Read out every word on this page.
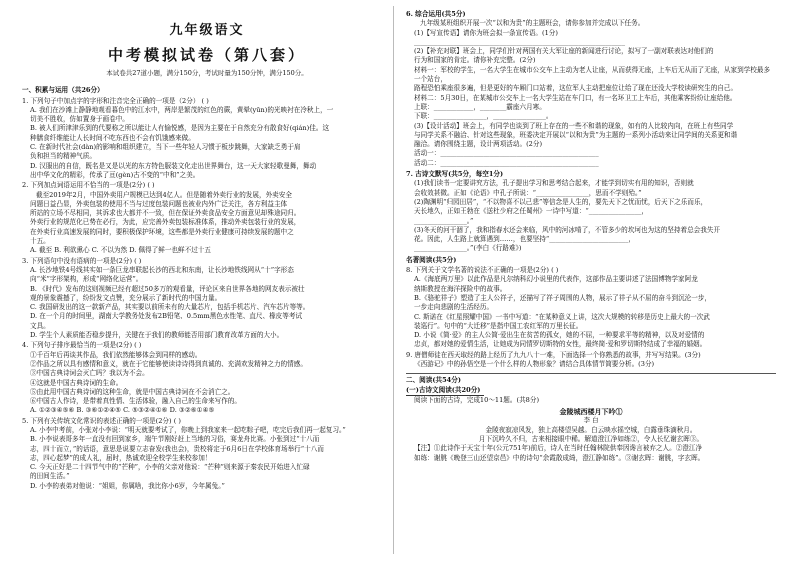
九年级语文
中考模拟试卷（第八套）
本试卷共27道小题，满分150分，考试时量为150分钟，满分150分。
一、积累与运用（共26分）
1. 下列句子中加点字的字形和注音完全正确的一项是（2分） ( )
A. 我们在沙滩上静静地观看暮色中的江水中，两岸是繁茂的红色的蕨，黄晕(yūn)的光映衬在冷秋上，一
切美不胜收，仿如置身于画卷中。
B. 被人们所津津乐到的代要称之所以能让人有愉悦感，是因为主要在于自然充分有散食好(qián)佳。这
种膳食纤维能让人长时间不吃东西也不会有饥饿感来做。
C. 在新时代社会(dàn)的影响和组织建立，当下一些年轻人习惯于板步跳舞，大家缺乏勇于肩
负和担当的精神气质。
D. 汉服出的自信，既名是又是以光的东方特色服装文化走出世界舞台，这一天大家轻歌曼舞，舞动
出中华文化的精彩，传承了亘(gèn)古不变的“中和”之美。
2. 下列加点词语运用不恰当的一项是(2分) ( )
截至2019年2月，中国外卖用户规模已达到4亿人。但是随着外卖行业的发展，外卖安全
问题日益凸显，外卖包装的使用不当与过度包装问题也被业内外广泛关注，各方利益主体
所站的立场不尽相同，其诉求也大都并不一致，但在保证外卖食品安全方面意见却殊途同归。
外卖行业的规范化已势在必行，为此，应完善外卖包装标准体系，推动外卖包装行业的发展，
在外卖行业高速发展的同时，要积极保护环境，这些都是外卖行业健康可持续发展的题中之
十五。
A. 截至 B. 利欲熏心 C. 不以为然 D. 佩得了鲜一也鲜不过十五
3. 下列语句中没有语病的一项是(2分) ( )
A. 长沙地铁4号线其实如一条巨龙串联起长沙的西北和东南，让长沙地铁线网从“十”字形态
向“米”字形架构，形成“网络化运营”。
B. 《时代》发布的这则视频已经有超过50多万的观看量，评论区来自世界各地的网友表示被壮
观的景象震撼了，纷纷发文点赞，充分展示了新时代的中国力量。
C. 我国研发出的这一款新产品，其实要以前所未有的大量芯片，包括手机芯片、汽车芯片等等。
D. 在一个月的时间里，湖南大学教务处发布2B铅笔、0.5mm黑色水性笔、直尺、橡皮等考试
文具。
D. 学生个人素质能否稳步提升，关键在于我们的教师能否用部门教育改革方面的大小。
4. 下列句子排序最恰当的一项是(2分) ( )
①千百年后再谈其作品，我们依然能够体会到同样的感动。
②作品之所以具有感情和意义，就在于它能够使读诗诗得到真诚的、充满欢发精神之力的情感。
③中国古典诗词会灭亡吗？我以为不会。
④这就是中国古典诗词的生命。
⑤由此用中国古典诗词的这种生命，就是中国古典诗词在不会消亡之。
⑥中国古人作诗，是带着真性情、生活体验，融入自己的生命来写作的。
A. ①②③④⑤⑥ B. ③⑥①②④⑤ C. ⑤③②④①⑥ D. ③②⑥①④⑤
5. 下列有关传统文化常识的表述正确的一项是(2分) ( )
A. 小李中考前，小张对小李说：“明天就要考试了，你晚上到我家来一起吃粽子吧，吃完后我们再一起复习。”
B. 小李说表哥多年一直没有回到家乡，端午节刚好赶上当地的习俗，赛龙舟比赛。小张到过“十八而
志，四十而立，”的话语，意思是说要立志奋发(我也会)，贵校将定于6月6日在学校体育场举行“十八而
志，四心起梦”的成人礼，届时，热诚欢迎全校学生来校参加！
C. 今天正好是二十四节气中的“芒种”，小李的父亲对他说：“芒种”则来源于秦农民开始进入忙碌
的田间生活。”
D. 小李的表弟对他说：“姐姐，你属啥，我比你小6岁，今年属兔。”
6. 综合运用(共5分)
九年级某班组织开展一次“以和为贵”的主题班会，请你参加并完成以下任务。
(1)【写宣传语】请你为班会拟一条宣传语。(1分)
________________________________________________________________
(2)【补充对联】班会上，同学们针对两国有关大军让座的新闻进行讨论，拟写了一副对联表达对他们的
行为和国家的肯定。请你补充完整。(2分)
材料一：军校的学生，一名大学生在城市公交车上主动为老人让座，从而获得无座，上车后无从而了无座，从家到学校最多一个站台，
路程恐怕乘座很多遍，但是更好的车厢门口站着，这位军人主动把座位让给了现在还没大学校读研究生的自己。
材料二：5月30日，在某城市公交车上一名大学生站在车门口，有一名环卫工上车后，其他乘客纷纷让座给他。
上联：____________，________霸座六月寒。
下联：________________，________________。
(3)【设计活动】班会上，有同学也谈到了班上存在的一些不和谐的现象，如有的人比较内向，在班上有些同学
与同学关系不融洽、针对这些现象，班委决定开展以“以和为贵”为主题的一系列小活动来让同学间的关系更和谐
融洽。请你围绕主题，设计两项活动。(2分)
活动一：________________________________________________
活动二：________________________________________________
7. 古诗文默写(共5分，每空1分)
(1)我们读书一定要讲究方法，孔子提出学习和思考结合起来，才能学到切实有用的知识，否则就
会收效甚微。正如《论语》中孔子所说：“________________，思而不学则殆。”
(2)陶渊明“归园田居”，“不以物喜不以己悲”等信念是人生的，要先天下之忧而忧，后天下之乐而乐，
天长地久，正如王勃在《送杜少府之任蜀州》一诗中写道：“________________，
________________。”
(3)冬天的河干涸了，我和指春水还会来临，风中的河冰啃了，不管多少的坎坷也为这的坚持着总会我失开
花。因此，人生路上就算遇到……，也要坚持“________________________，
________________。”(李白《行路难》)
名著阅读(共5分)
8. 下列关于文学名著的说法不正确的一项是(2分) ( )
A.《海底两万里》以此作品是凡尔纳科幻小说里的代表作，这部作品主要讲述了法国博物学家阿龙
纳斯教授在海洋探险中的故事。
B.《骆驼祥子》塑造了主人公祥子，还描写了祥子周围的人物，展示了祥子从不屈的奋斗到沉沦一步，
一步走向悲剧的生活经历。
C. 斯诺在《红星照耀中国》一书中写道：“在某种意义上讲，这次大规模的转移是历史上最大的一次武
装巡行”。句中的“大迁移”是指中国工农红军的万里长征。
D. 小说《简·爱》的主人公简·爱出生在贫苦的孤女，她的不屈，一种要求平等的精神，以及对爱情的
忠贞，都对她的爱情生活，让她成为同情罗切斯特的女性，最终简·爱和罗切斯特结成了幸福的婚姻。
9. 唐僧师徒在西天取经的路上经历了九九八十一难，下面选择一个你熟悉的故事，并写写结果。(3分)
《西游记》中的孙悟空是一个什么样的人物形象？请结合具体情节简要分析。(3分)
二、阅读(共54分)
(一)古诗文阅读(共20分)
阅读下面的古诗，完成10～11题。(共8分)
金陵城西楼月下吟①
李 白
金陵夜寂凉风发，独上高楼望吴越。白云映水摇空城，白露垂珠滴秋月。
月下沉吟久不归，古来相接眼中稀。解道澄江净如练②，令人长忆谢玄晖③。
【注】①此诗作于天宝十年(公元751年)前后，诗人在当时任翰林院供奉因谗言被弃之人。②澄江净
如练：谢朓《晚登三山还望京邑》中的诗句“余霞散成绮，澄江静如练”。③谢玄晖：谢朓，字玄晖。
